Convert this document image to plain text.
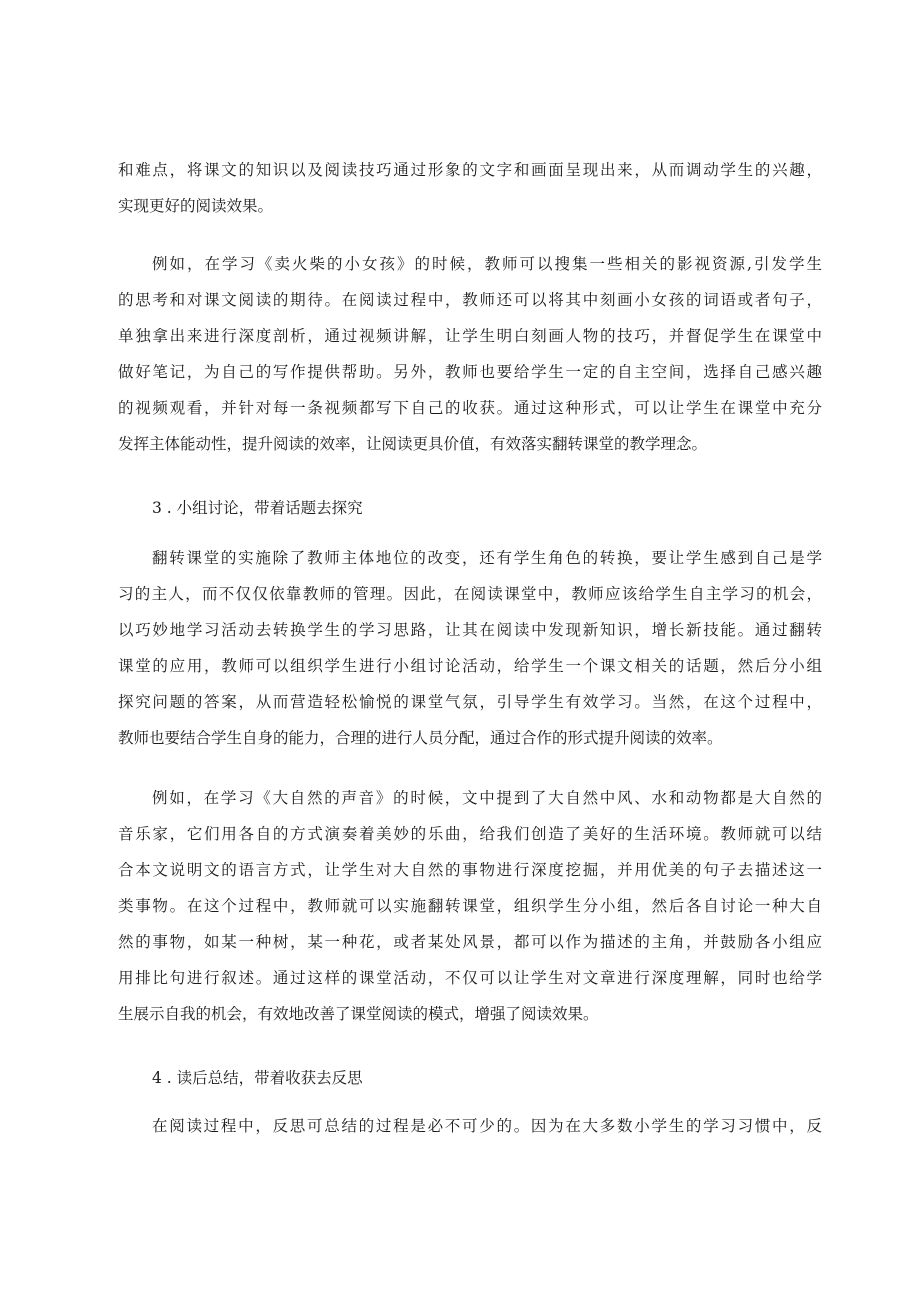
和难点，将课文的知识以及阅读技巧通过形象的文字和画面呈现出来，从而调动学生的兴趣，
实现更好的阅读效果。
例如，在学习《卖火柴的小女孩》的时候，教师可以搜集一些相关的影视资源,引发学生
的思考和对课文阅读的期待。在阅读过程中，教师还可以将其中刻画小女孩的词语或者句子，
单独拿出来进行深度剖析，通过视频讲解，让学生明白刻画人物的技巧，并督促学生在课堂中
做好笔记，为自己的写作提供帮助。另外，教师也要给学生一定的自主空间，选择自己感兴趣
的视频观看，并针对每一条视频都写下自己的收获。通过这种形式，可以让学生在课堂中充分
发挥主体能动性，提升阅读的效率，让阅读更具价值，有效落实翻转课堂的教学理念。
3 . 小组讨论，带着话题去探究
翻转课堂的实施除了教师主体地位的改变，还有学生角色的转换，要让学生感到自己是学
习的主人，而不仅仅依靠教师的管理。因此，在阅读课堂中，教师应该给学生自主学习的机会，
以巧妙地学习活动去转换学生的学习思路，让其在阅读中发现新知识，增长新技能。通过翻转
课堂的应用，教师可以组织学生进行小组讨论活动，给学生一个课文相关的话题，然后分小组
探究问题的答案，从而营造轻松愉悦的课堂气氛，引导学生有效学习。当然，在这个过程中，
教师也要结合学生自身的能力，合理的进行人员分配，通过合作的形式提升阅读的效率。
例如，在学习《大自然的声音》的时候，文中提到了大自然中风、水和动物都是大自然的
音乐家，它们用各自的方式演奏着美妙的乐曲，给我们创造了美好的生活环境。教师就可以结
合本文说明文的语言方式，让学生对大自然的事物进行深度挖掘，并用优美的句子去描述这一
类事物。在这个过程中，教师就可以实施翻转课堂，组织学生分小组，然后各自讨论一种大自
然的事物，如某一种树，某一种花，或者某处风景，都可以作为描述的主角，并鼓励各小组应
用排比句进行叙述。通过这样的课堂活动，不仅可以让学生对文章进行深度理解，同时也给学
生展示自我的机会，有效地改善了课堂阅读的模式，增强了阅读效果。
4 . 读后总结，带着收获去反思
在阅读过程中，反思可总结的过程是必不可少的。因为在大多数小学生的学习习惯中，反
